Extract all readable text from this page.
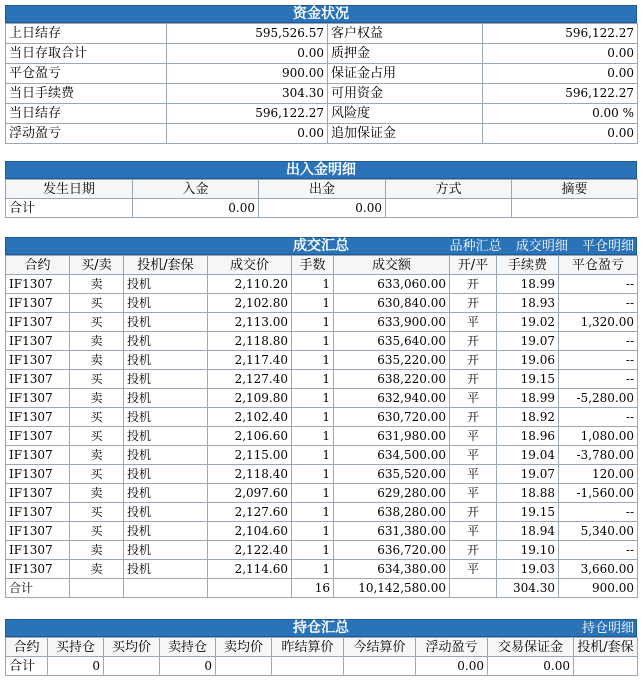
资金状况
上日结存	595,526.57	客户权益	596,122.27
当日存取合计	0.00	质押金	0.00
平仓盈亏	900.00	保证金占用	0.00
当日手续费	304.30	可用资金	596,122.27
当日结存	596,122.27	风险度	0.00 %
浮动盈亏	0.00	追加保证金	0.00
出入金明细
发生日期	入金	出金	方式	摘要
合计	0.00	0.00		
成交汇总	品种汇总 成交明细 平仓明细
合约	买/卖	投机/套保	成交价	手数	成交额	开/平	手续费	平仓盈亏
IF1307	卖	投机	2,110.20	1	633,060.00	开	18.99	--
IF1307	买	投机	2,102.80	1	630,840.00	开	18.93	--
IF1307	买	投机	2,113.00	1	633,900.00	平	19.02	1,320.00
IF1307	卖	投机	2,118.80	1	635,640.00	开	19.07	--
IF1307	卖	投机	2,117.40	1	635,220.00	开	19.06	--
IF1307	买	投机	2,127.40	1	638,220.00	开	19.15	--
IF1307	卖	投机	2,109.80	1	632,940.00	平	18.99	-5,280.00
IF1307	买	投机	2,102.40	1	630,720.00	开	18.92	--
IF1307	买	投机	2,106.60	1	631,980.00	平	18.96	1,080.00
IF1307	卖	投机	2,115.00	1	634,500.00	平	19.04	-3,780.00
IF1307	买	投机	2,118.40	1	635,520.00	平	19.07	120.00
IF1307	卖	投机	2,097.60	1	629,280.00	平	18.88	-1,560.00
IF1307	买	投机	2,127.60	1	638,280.00	开	19.15	--
IF1307	买	投机	2,104.60	1	631,380.00	平	18.94	5,340.00
IF1307	卖	投机	2,122.40	1	636,720.00	开	19.10	--
IF1307	卖	投机	2,114.60	1	634,380.00	平	19.03	3,660.00
合计				16	10,142,580.00		304.30	900.00
持仓汇总	持仓明细
合约	买持仓	买均价	卖持仓	卖均价	昨结算价	今结算价	浮动盈亏	交易保证金	投机/套保
合计	0		0				0.00	0.00	
